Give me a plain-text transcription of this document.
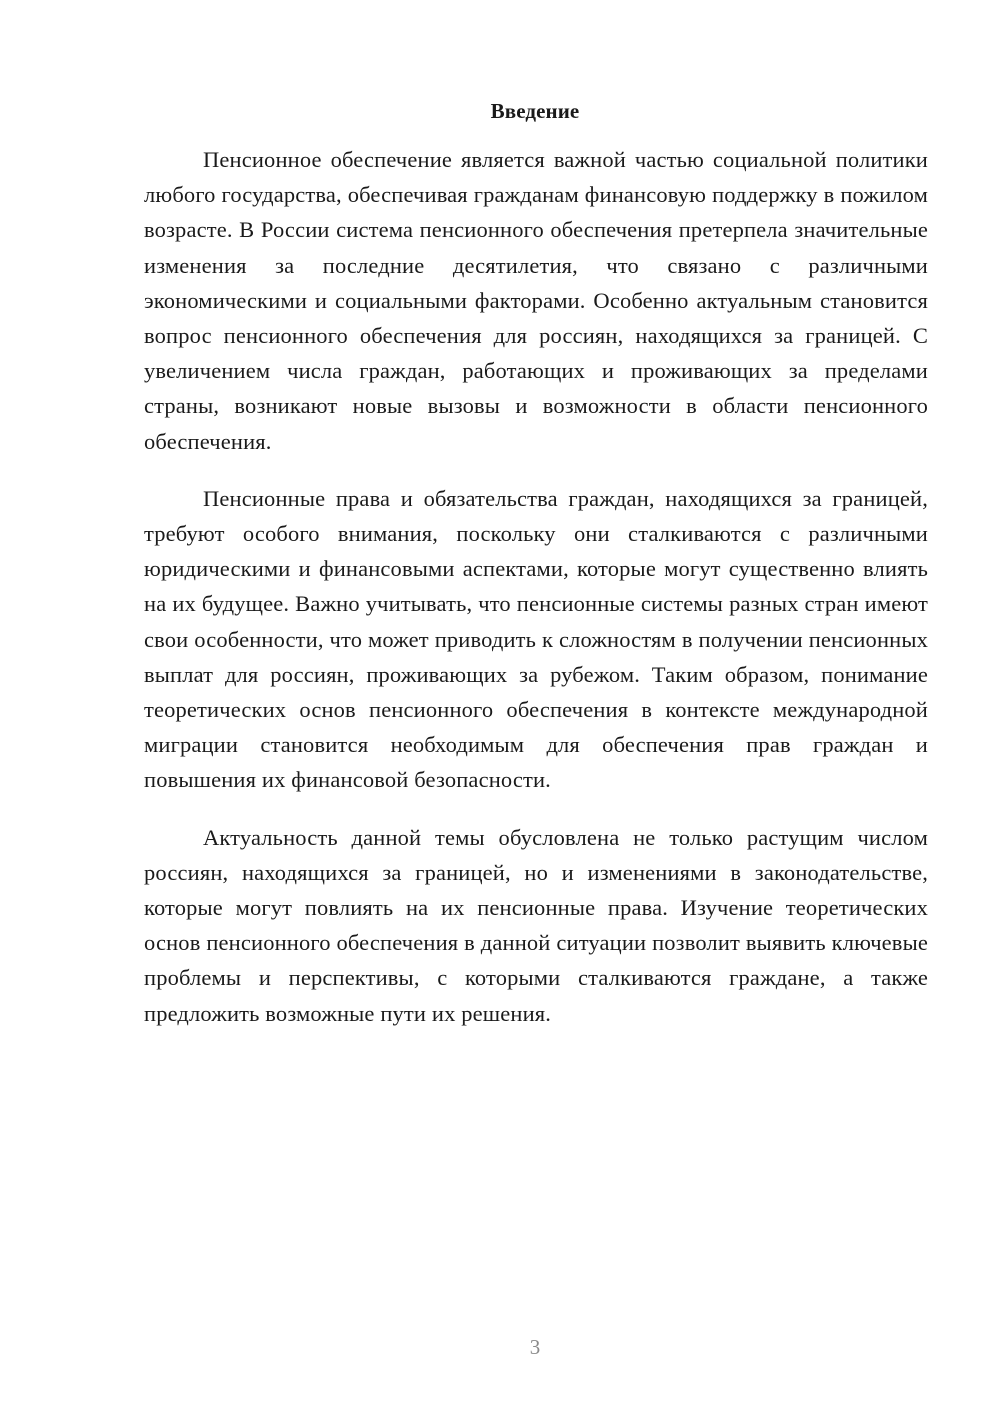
Введение

Пенсионное обеспечение является важной частью социальной политики любого государства, обеспечивая гражданам финансовую поддержку в пожилом возрасте. В России система пенсионного обеспечения претерпела значительные изменения за последние десятилетия, что связано с различными экономическими и социальными факторами. Особенно актуальным становится вопрос пенсионного обеспечения для россиян, находящихся за границей. С увеличением числа граждан, работающих и проживающих за пределами страны, возникают новые вызовы и возможности в области пенсионного обеспечения.

Пенсионные права и обязательства граждан, находящихся за границей, требуют особого внимания, поскольку они сталкиваются с различными юридическими и финансовыми аспектами, которые могут существенно влиять на их будущее. Важно учитывать, что пенсионные системы разных стран имеют свои особенности, что может приводить к сложностям в получении пенсионных выплат для россиян, проживающих за рубежом. Таким образом, понимание теоретических основ пенсионного обеспечения в контексте международной миграции становится необходимым для обеспечения прав граждан и повышения их финансовой безопасности.

Актуальность данной темы обусловлена не только растущим числом россиян, находящихся за границей, но и изменениями в законодательстве, которые могут повлиять на их пенсионные права. Изучение теоретических основ пенсионного обеспечения в данной ситуации позволит выявить ключевые проблемы и перспективы, с которыми сталкиваются граждане, а также предложить возможные пути их решения.

3
